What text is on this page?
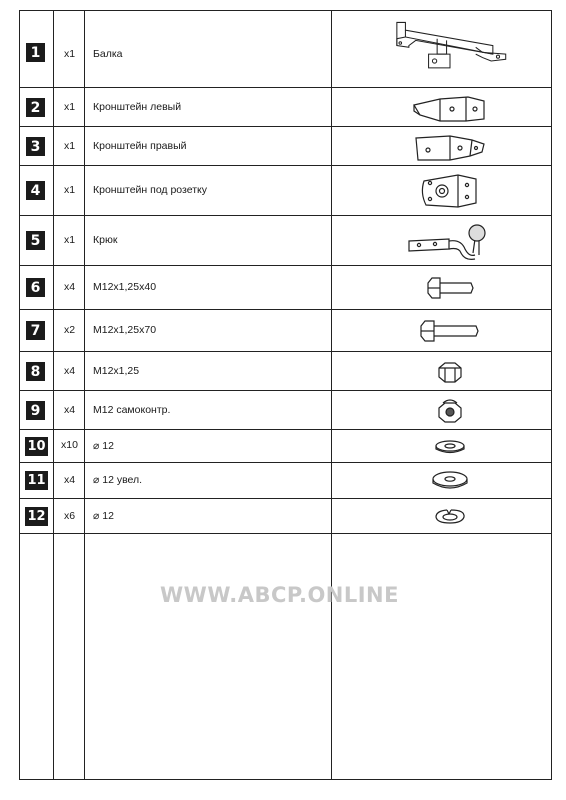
1	x1	Балка
2	x1	Кронштейн левый
3	x1	Кронштейн правый
4	x1	Кронштейн под розетку
5	x1	Крюк
6	x4	M12x1,25x40
7	x2	M12x1,25x70
8	x4	M12x1,25
9	x4	M12 самоконтр.
10	x10	⌀ 12
11	x4	⌀ 12 увел.
12	x6	⌀ 12
WWW.ABCP.ONLINE
